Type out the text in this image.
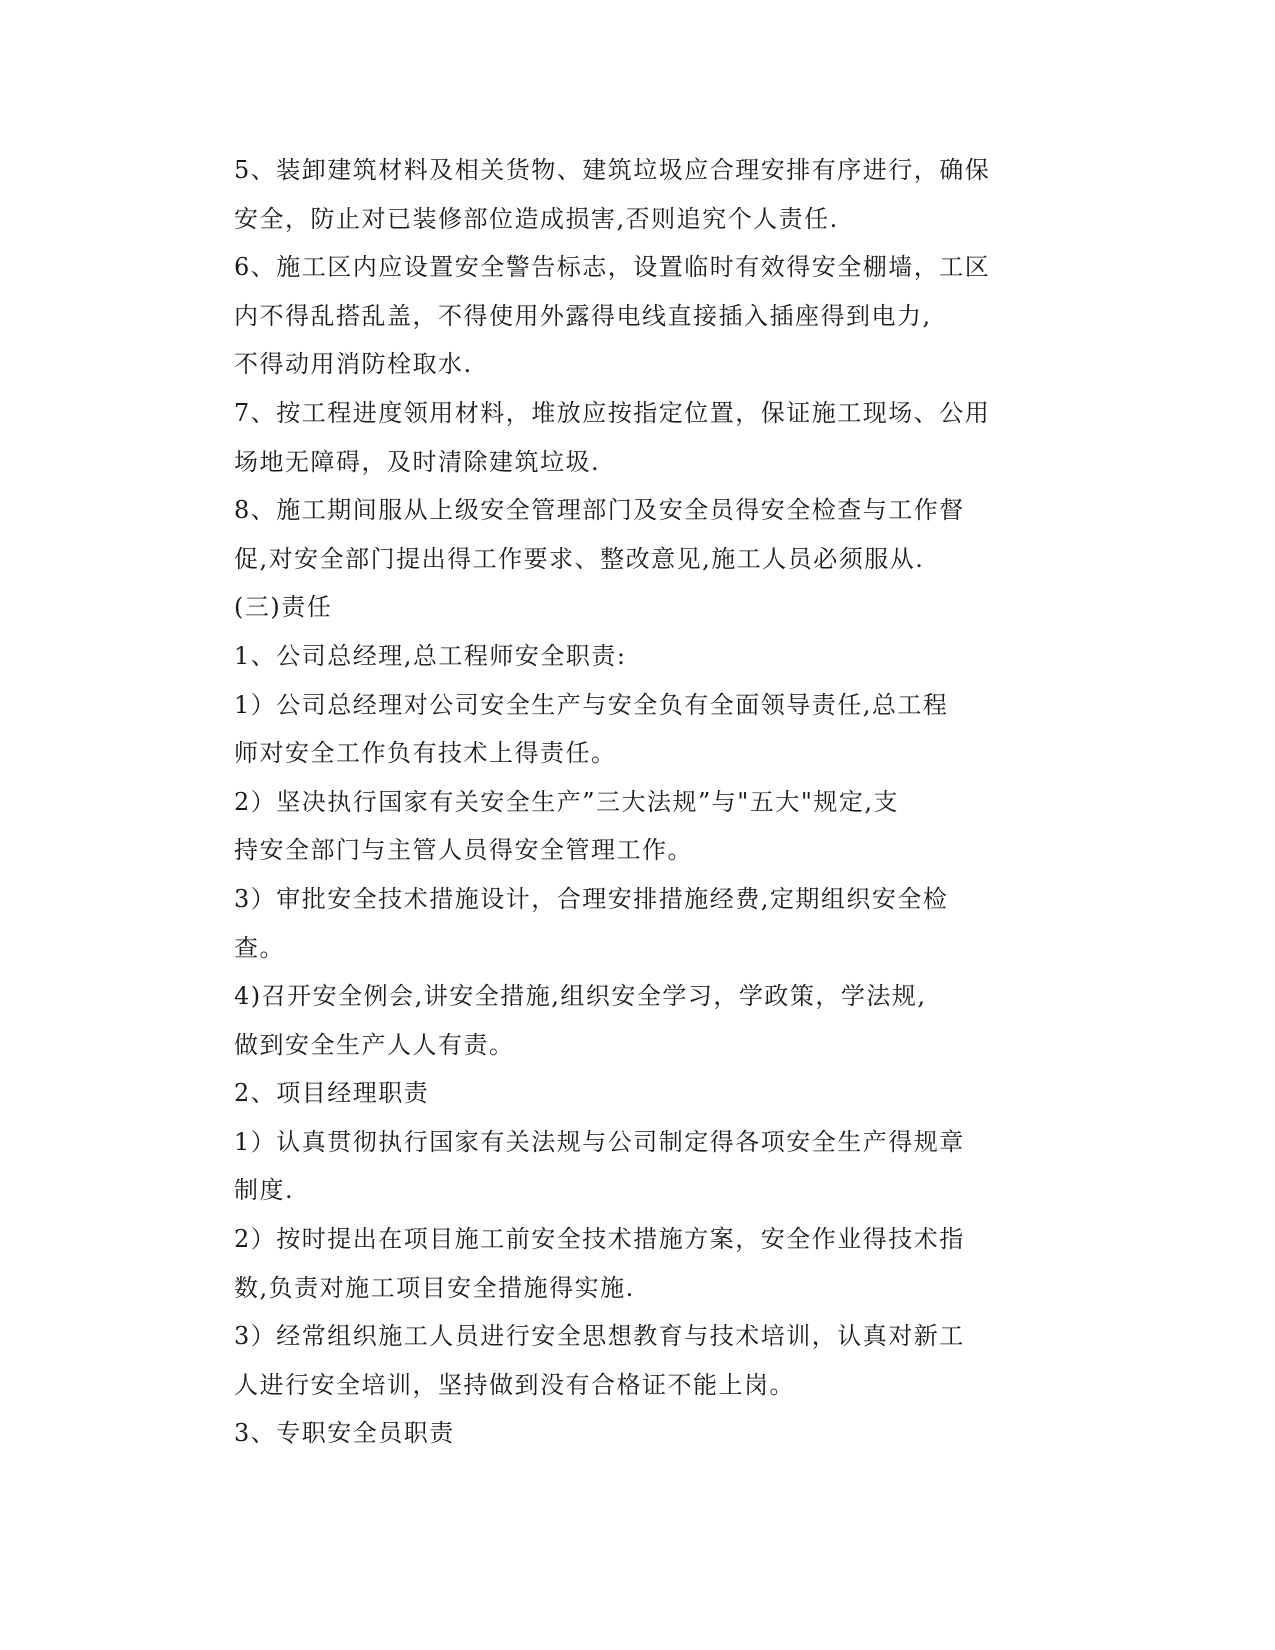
5、装卸建筑材料及相关货物、建筑垃圾应合理安排有序进行，确保
安全，防止对已装修部位造成损害,否则追究个人责任.
6、施工区内应设置安全警告标志，设置临时有效得安全棚墙，工区
内不得乱搭乱盖，不得使用外露得电线直接插入插座得到电力,
不得动用消防栓取水.
7、按工程进度领用材料，堆放应按指定位置，保证施工现场、公用
场地无障碍，及时清除建筑垃圾.
8、施工期间服从上级安全管理部门及安全员得安全检查与工作督
促,对安全部门提出得工作要求、整改意见,施工人员必须服从.
(三)责任
1、公司总经理,总工程师安全职责:
1）公司总经理对公司安全生产与安全负有全面领导责任,总工程
师对安全工作负有技术上得责任。
2）坚决执行国家有关安全生产”三大法规”与"五大"规定,支
持安全部门与主管人员得安全管理工作。
3）审批安全技术措施设计，合理安排措施经费,定期组织安全检
查。
4)召开安全例会,讲安全措施,组织安全学习，学政策，学法规,
做到安全生产人人有责。
2、项目经理职责
1）认真贯彻执行国家有关法规与公司制定得各项安全生产得规章
制度.
2）按时提出在项目施工前安全技术措施方案，安全作业得技术指
数,负责对施工项目安全措施得实施.
3）经常组织施工人员进行安全思想教育与技术培训，认真对新工
人进行安全培训，坚持做到没有合格证不能上岗。
3、专职安全员职责
